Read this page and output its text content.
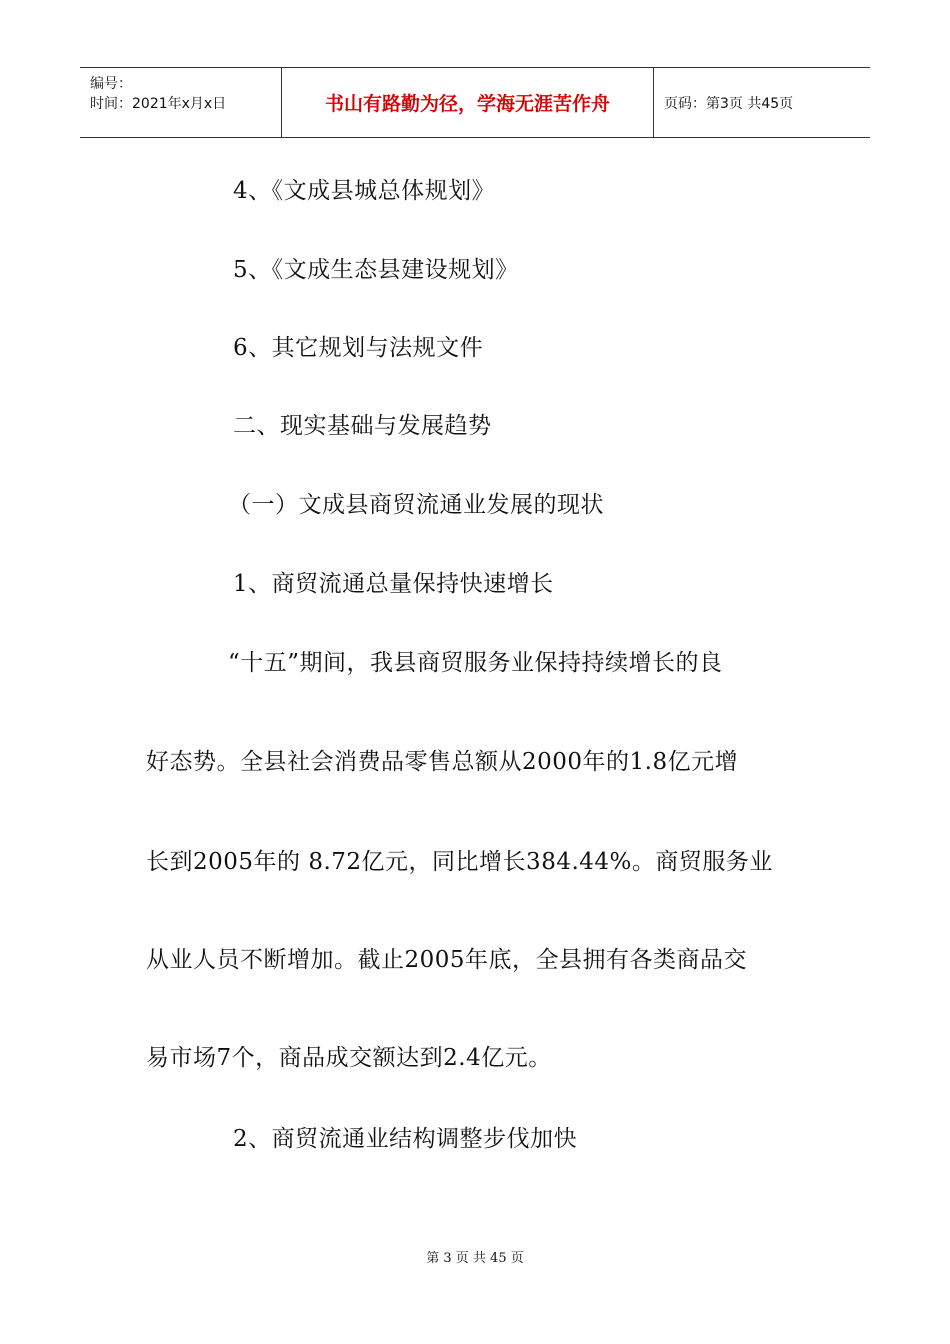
编号：
时间：2021年x月x日	书山有路勤为径，学海无涯苦作舟	页码：第3页 共45页
4、《文成县城总体规划》
5、《文成生态县建设规划》
6、其它规划与法规文件
二、现实基础与发展趋势
（一）文成县商贸流通业发展的现状
1、商贸流通总量保持快速增长
“十五”期间，我县商贸服务业保持持续增长的良
好态势。全县社会消费品零售总额从2000年的1.8亿元增
长到2005年的 8.72亿元，同比增长384.44%。商贸服务业
从业人员不断增加。截止2005年底，全县拥有各类商品交
易市场7个，商品成交额达到2.4亿元。
2、商贸流通业结构调整步伐加快
第 3 页 共 45 页
